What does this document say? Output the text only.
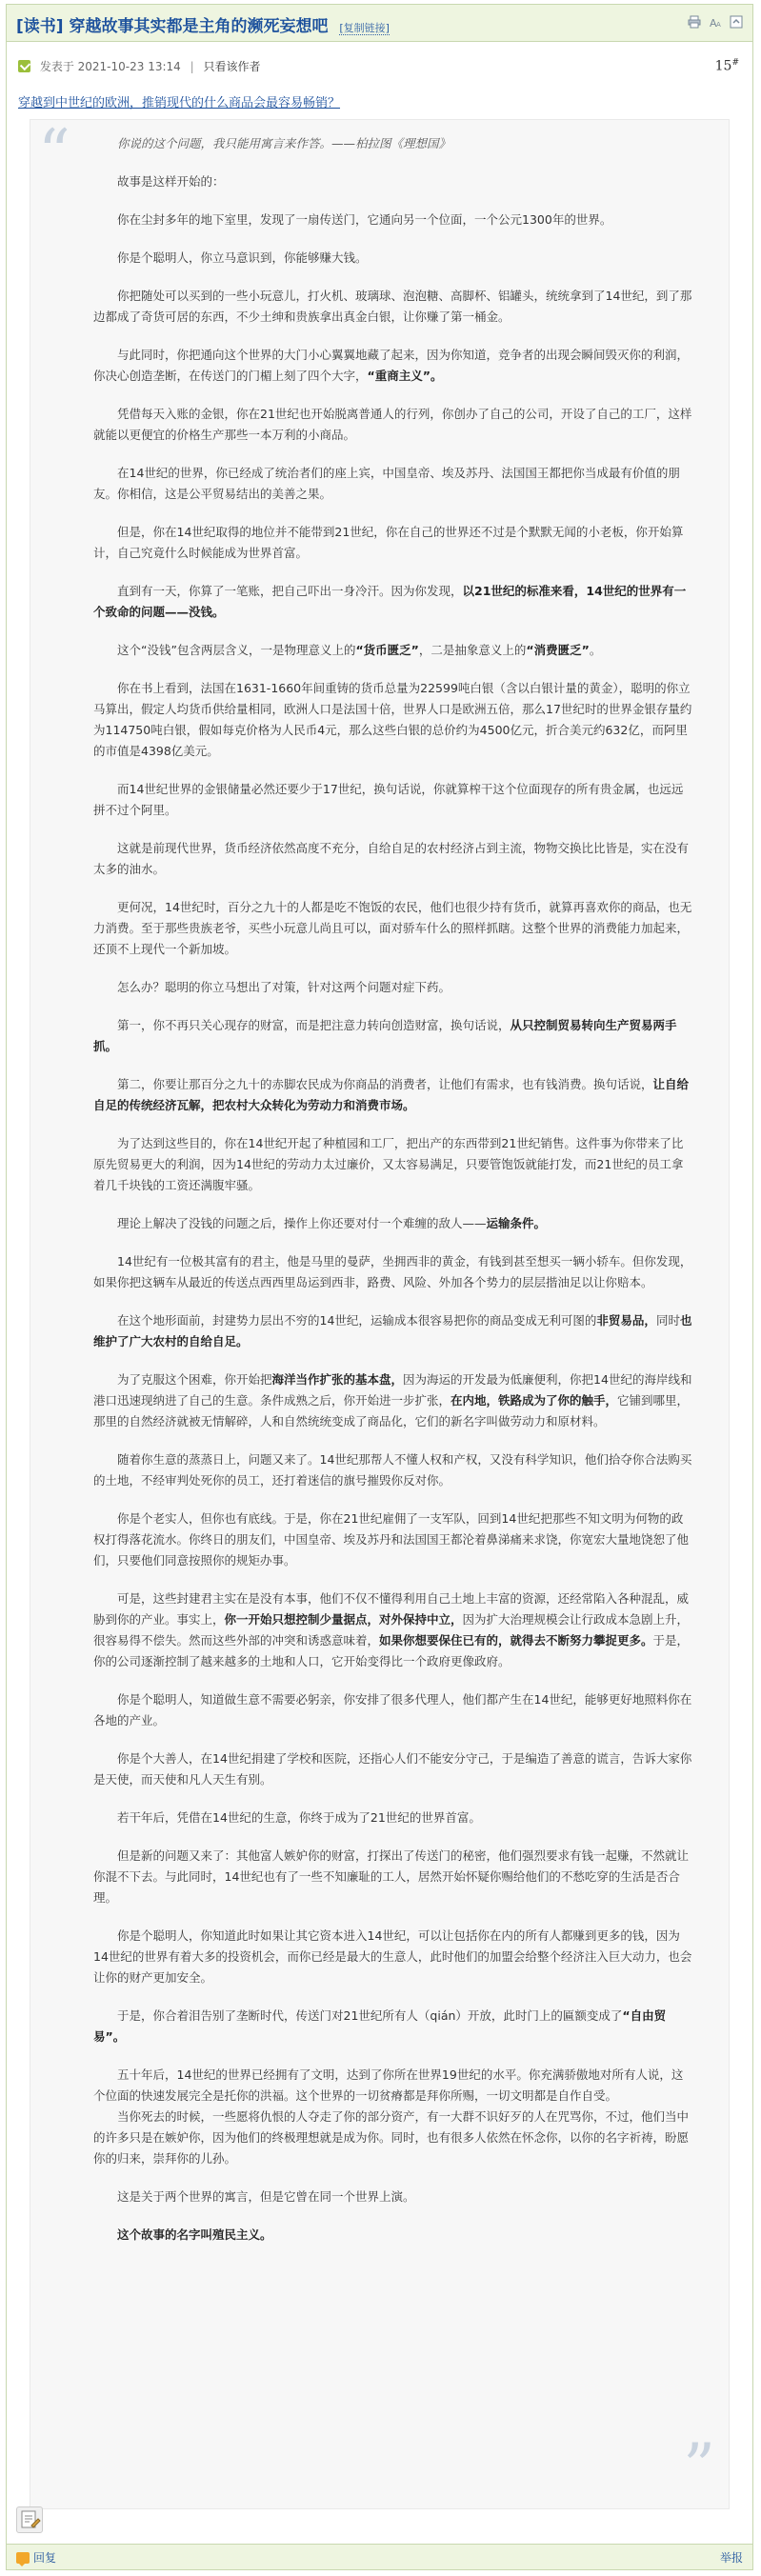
[读书] 穿越故事其实都是主角的濒死妄想吧 [复制链接]	A A
发表于 2021-10-23 13:14 | 只看该作者	15#
穿越到中世纪的欧洲，推销现代的什么商品会最容易畅销？
“	你说的这个问题，我只能用寓言来作答。——柏拉图《理想国》

故事是这样开始的：

你在尘封多年的地下室里，发现了一扇传送门，它通向另一个位面，一个公元1300年的世界。

你是个聪明人，你立马意识到，你能够赚大钱。

你把随处可以买到的一些小玩意儿，打火机、玻璃球、泡泡糖、高脚杯、铝罐头，统统拿到了14世纪，到了那边都成了奇货可居的东西，不少土绅和贵族拿出真金白银，让你赚了第一桶金。

与此同时，你把通向这个世界的大门小心翼翼地藏了起来，因为你知道，竞争者的出现会瞬间毁灭你的利润，你决心创造垄断，在传送门的门楣上刻了四个大字，“重商主义”。

凭借每天入账的金银，你在21世纪也开始脱离普通人的行列，你创办了自己的公司，开设了自己的工厂，这样就能以更便宜的价格生产那些一本万利的小商品。

在14世纪的世界，你已经成了统治者们的座上宾，中国皇帝、埃及苏丹、法国国王都把你当成最有价值的朋友。你相信，这是公平贸易结出的美善之果。

但是，你在14世纪取得的地位并不能带到21世纪，你在自己的世界还不过是个默默无闻的小老板，你开始算计，自己究竟什么时候能成为世界首富。

直到有一天，你算了一笔账，把自己吓出一身冷汗。因为你发现，以21世纪的标准来看，14世纪的世界有一个致命的问题——没钱。

这个“没钱”包含两层含义，一是物理意义上的“货币匮乏”，二是抽象意义上的“消费匮乏”。

你在书上看到，法国在1631-1660年间重铸的货币总量为22599吨白银（含以白银计量的黄金），聪明的你立马算出，假定人均货币供给量相同，欧洲人口是法国十倍，世界人口是欧洲五倍，那么17世纪时的世界金银存量约为114750吨白银，假如每克价格为人民币4元，那么这些白银的总价约为4500亿元，折合美元约632亿，而阿里的市值是4398亿美元。

而14世纪世界的金银储量必然还要少于17世纪，换句话说，你就算榨干这个位面现存的所有贵金属，也远远拼不过个阿里。

这就是前现代世界，货币经济依然高度不充分，自给自足的农村经济占到主流，物物交换比比皆是，实在没有太多的油水。

更何况，14世纪时，百分之九十的人都是吃不饱饭的农民，他们也很少持有货币，就算再喜欢你的商品，也无力消费。至于那些贵族老爷，买些小玩意儿尚且可以，面对骄车什么的照样抓瞎。这整个世界的消费能力加起来，还顶不上现代一个新加坡。

怎么办？聪明的你立马想出了对策，针对这两个问题对症下药。

第一，你不再只关心现存的财富，而是把注意力转向创造财富，换句话说，从只控制贸易转向生产贸易两手抓。

第二，你要让那百分之九十的赤脚农民成为你商品的消费者，让他们有需求，也有钱消费。换句话说，让自给自足的传统经济瓦解，把农村大众转化为劳动力和消费市场。

为了达到这些目的，你在14世纪开起了种植园和工厂，把出产的东西带到21世纪销售。这件事为你带来了比原先贸易更大的利润，因为14世纪的劳动力太过廉价，又太容易满足，只要管饱饭就能打发，而21世纪的员工拿着几千块钱的工资还满腹牢骚。

理论上解决了没钱的问题之后，操作上你还要对付一个难缠的敌人——运输条件。

14世纪有一位极其富有的君主，他是马里的曼萨，坐拥西非的黄金，有钱到甚至想买一辆小轿车。但你发现，如果你把这辆车从最近的传送点西西里岛运到西非，路费、风险、外加各个势力的层层揩油足以让你赔本。

在这个地形面前，封建势力层出不穷的14世纪，运输成本很容易把你的商品变成无利可图的非贸易品，同时也维护了广大农村的自给自足。

为了克服这个困难，你开始把海洋当作扩张的基本盘，因为海运的开发最为低廉便利，你把14世纪的海岸线和港口迅速现纳进了自己的生意。条件成熟之后，你开始进一步扩张，在内地，铁路成为了你的触手，它铺到哪里，那里的自然经济就被无情解碎，人和自然统统变成了商品化，它们的新名字叫做劳动力和原材料。

随着你生意的蒸蒸日上，问题又来了。14世纪那帮人不懂人权和产权，又没有科学知识，他们拾夺你合法购买的土地，不经审判处死你的员工，还打着迷信的旗号摧毁你反对你。

你是个老实人，但你也有底线。于是，你在21世纪雇佣了一支军队，回到14世纪把那些不知文明为何物的政权打得落花流水。你终日的朋友们，中国皇帝、埃及苏丹和法国国王都沦着鼻涕痛来求饶，你宽宏大量地饶恕了他们，只要他们同意按照你的规矩办事。

可是，这些封建君主实在是没有本事，他们不仅不懂得利用自己土地上丰富的资源，还经常陷入各种混乱，威胁到你的产业。事实上，你一开始只想控制少量据点，对外保持中立，因为扩大治理规模会让行政成本急剧上升，很容易得不偿失。然而这些外部的冲突和诱惑意味着，如果你想要保住已有的，就得去不断努力攀捉更多。于是，你的公司逐渐控制了越来越多的土地和人口，它开始变得比一个政府更像政府。

你是个聪明人，知道做生意不需要必躬亲，你安排了很多代理人，他们都产生在14世纪，能够更好地照料你在各地的产业。

你是个大善人，在14世纪捐建了学校和医院，还指心人们不能安分守己，于是编造了善意的谎言，告诉大家你是天使，而天使和凡人天生有别。

若干年后，凭借在14世纪的生意，你终于成为了21世纪的世界首富。

但是新的问题又来了：其他富人嫉妒你的财富，打探出了传送门的秘密，他们强烈要求有钱一起赚，不然就让你混不下去。与此同时，14世纪也有了一些不知廉耻的工人，居然开始怀疑你赐给他们的不愁吃穿的生活是否合理。

你是个聪明人，你知道此时如果让其它资本进入14世纪，可以让包括你在内的所有人都赚到更多的钱，因为14世纪的世界有着大多的投资机会，而你已经是最大的生意人，此时他们的加盟会给整个经济注入巨大动力，也会让你的财产更加安全。

于是，你合着泪告别了垄断时代，传送门对21世纪所有人（qián）开放，此时门上的匾额变成了“自由贸易”。

五十年后，14世纪的世界已经拥有了文明，达到了你所在世界19世纪的水平。你充满骄傲地对所有人说，这个位面的快速发展完全是托你的洪福。这个世界的一切贫瘠都是拜你所赐，一切文明都是自作自受。

当你死去的时候，一些愿将仇恨的人夺走了你的部分资产，有一大群不识好歹的人在咒骂你，不过，他们当中的许多只是在嫉妒你，因为他们的终极理想就是成为你。同时，也有很多人依然在怀念你，以你的名字祈祷，盼愿你的归来，崇拜你的儿孙。

这是关于两个世界的寓言，但是它曾在同一个世界上演。

这个故事的名字叫殖民主义。

”
回复	举报
